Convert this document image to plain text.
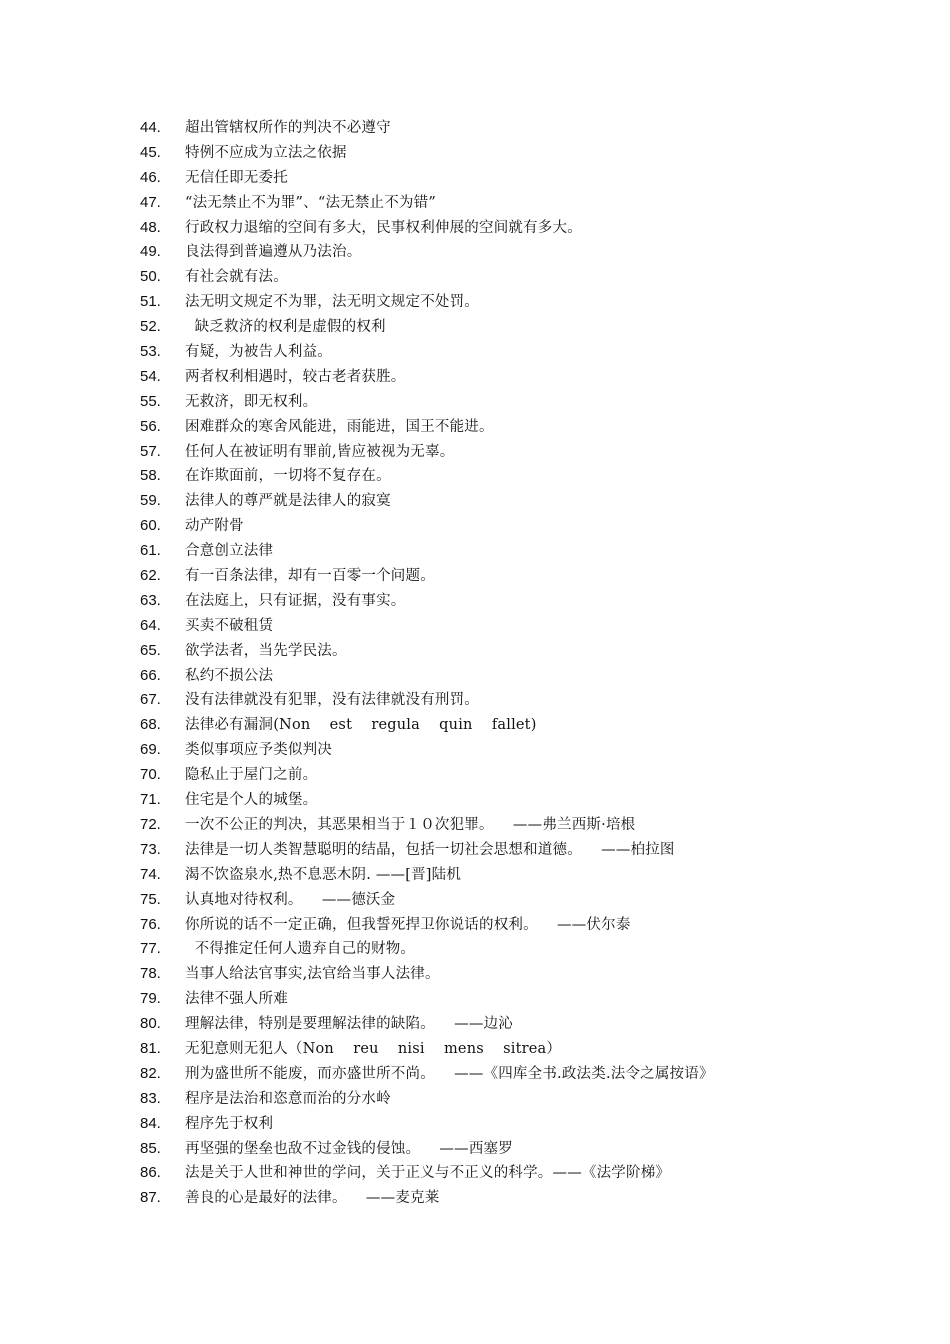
44.	超出管辖权所作的判决不必遵守
45.	特例不应成为立法之依据
46.	无信任即无委托
47.	“法无禁止不为罪”、“法无禁止不为错”
48.	行政权力退缩的空间有多大，民事权利伸展的空间就有多大。
49.	良法得到普遍遵从乃法治。
50.	有社会就有法。
51.	法无明文规定不为罪，法无明文规定不处罚。
52.	缺乏救济的权利是虚假的权利
53.	有疑，为被告人利益。
54.	两者权利相遇时，较古老者获胜。
55.	无救济，即无权利。
56.	困难群众的寒舍风能进，雨能进，国王不能进。
57.	任何人在被证明有罪前,皆应被视为无辜。
58.	在诈欺面前，一切将不复存在。
59.	法律人的尊严就是法律人的寂寞
60.	动产附骨
61.	合意创立法律
62.	有一百条法律，却有一百零一个问题。
63.	在法庭上，只有证据，没有事实。
64.	买卖不破租赁
65.	欲学法者，当先学民法。
66.	私约不损公法
67.	没有法律就没有犯罪，没有法律就没有刑罚。
68.	法律必有漏洞(Non    est    regula    quin    fallet)
69.	类似事项应予类似判决
70.	隐私止于屋门之前。
71.	住宅是个人的城堡。
72.	一次不公正的判决，其恶果相当于１０次犯罪。    ——弗兰西斯·培根
73.	法律是一切人类智慧聪明的结晶，包括一切社会思想和道德。    ——柏拉图
74.	渴不饮盗泉水,热不息恶木阴. ——[晋]陆机
75.	认真地对待权利。    ——德沃金
76.	你所说的话不一定正确，但我誓死捍卫你说话的权利。    ——伏尔泰
77.	不得推定任何人遗弃自己的财物。
78.	当事人给法官事实,法官给当事人法律。
79.	法律不强人所难
80.	理解法律，特别是要理解法律的缺陷。    ——边沁
81.	无犯意则无犯人（Non    reu    nisi    mens    sitrea）
82.	刑为盛世所不能废，而亦盛世所不尚。    ——《四库全书.政法类.法令之属按语》
83.	程序是法治和恣意而治的分水岭
84.	程序先于权利
85.	再坚强的堡垒也敌不过金钱的侵蚀。    ——西塞罗
86.	法是关于人世和神世的学问，关于正义与不正义的科学。——《法学阶梯》
87.	善良的心是最好的法律。    ——麦克莱
